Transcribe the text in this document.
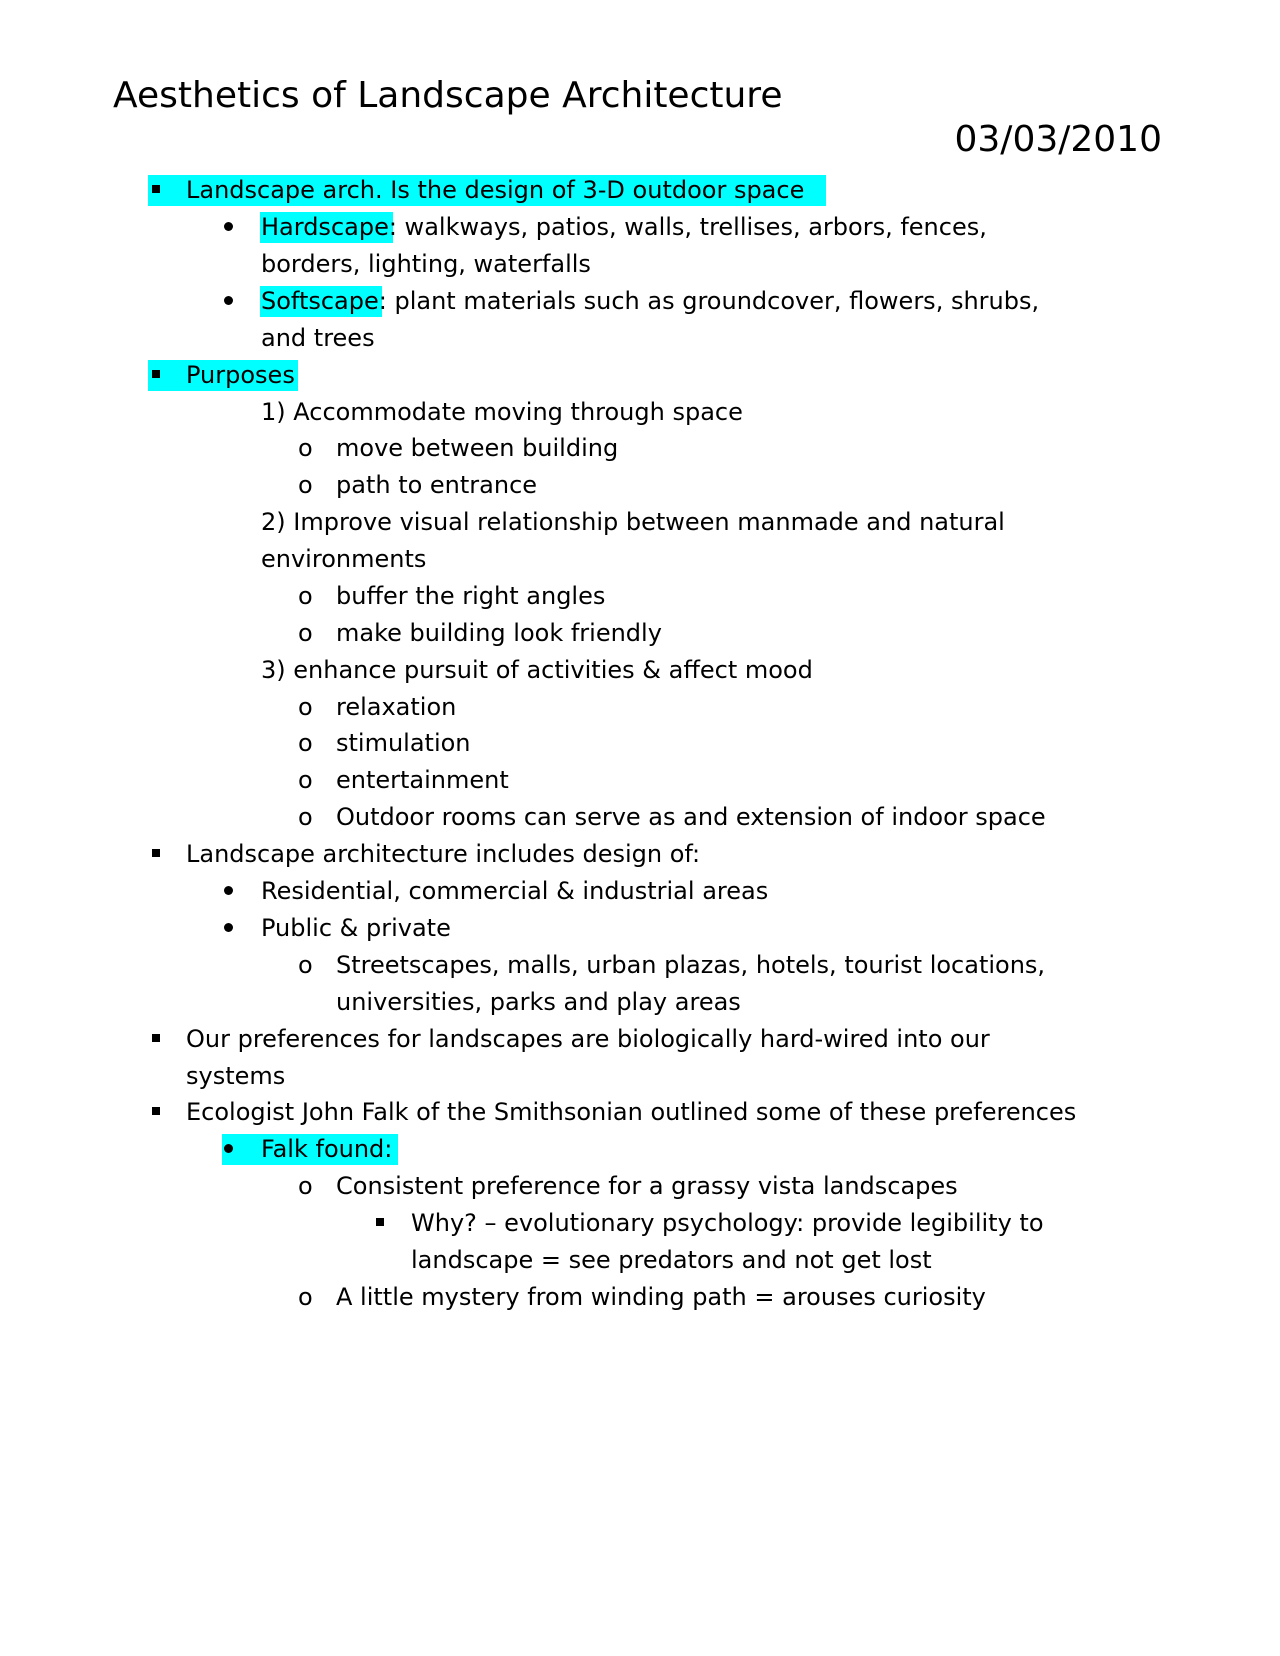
Aesthetics of Landscape Architecture
03/03/2010
Landscape arch. Is the design of 3-D outdoor space
Hardscape: walkways, patios, walls, trellises, arbors, fences,
borders, lighting, waterfalls
Softscape: plant materials such as groundcover, flowers, shrubs,
and trees
Purposes
1) Accommodate moving through space
o move between building
o path to entrance
2) Improve visual relationship between manmade and natural
environments
o buffer the right angles
o make building look friendly
3) enhance pursuit of activities & affect mood
o relaxation
o stimulation
o entertainment
o Outdoor rooms can serve as and extension of indoor space
Landscape architecture includes design of:
Residential, commercial & industrial areas
Public & private
o Streetscapes, malls, urban plazas, hotels, tourist locations,
universities, parks and play areas
Our preferences for landscapes are biologically hard-wired into our
systems
Ecologist John Falk of the Smithsonian outlined some of these preferences
Falk found:
o Consistent preference for a grassy vista landscapes
Why? – evolutionary psychology: provide legibility to
landscape = see predators and not get lost
o A little mystery from winding path = arouses curiosity
